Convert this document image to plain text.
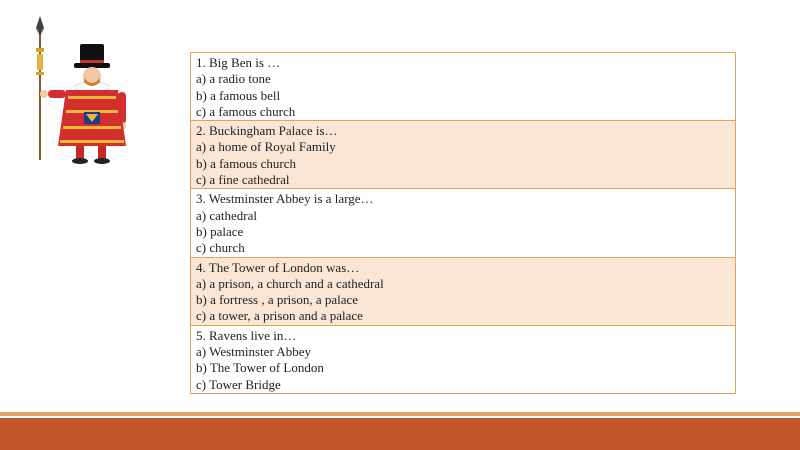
1. Big Ben is …
a) a radio tone
b) a famous bell
c) a famous church
2. Buckingham Palace is…
a) a home of Royal Family
b) a famous church
c) a fine cathedral
3. Westminster Abbey is a large…
a) cathedral
b) palace
c) church
4. The Tower of London was…
a) a prison, a church and a cathedral
b) a fortress , a prison, a palace
c) a tower, a prison and a palace
5. Ravens live in…
a) Westminster Abbey
b) The Tower of London
c) Tower Bridge
